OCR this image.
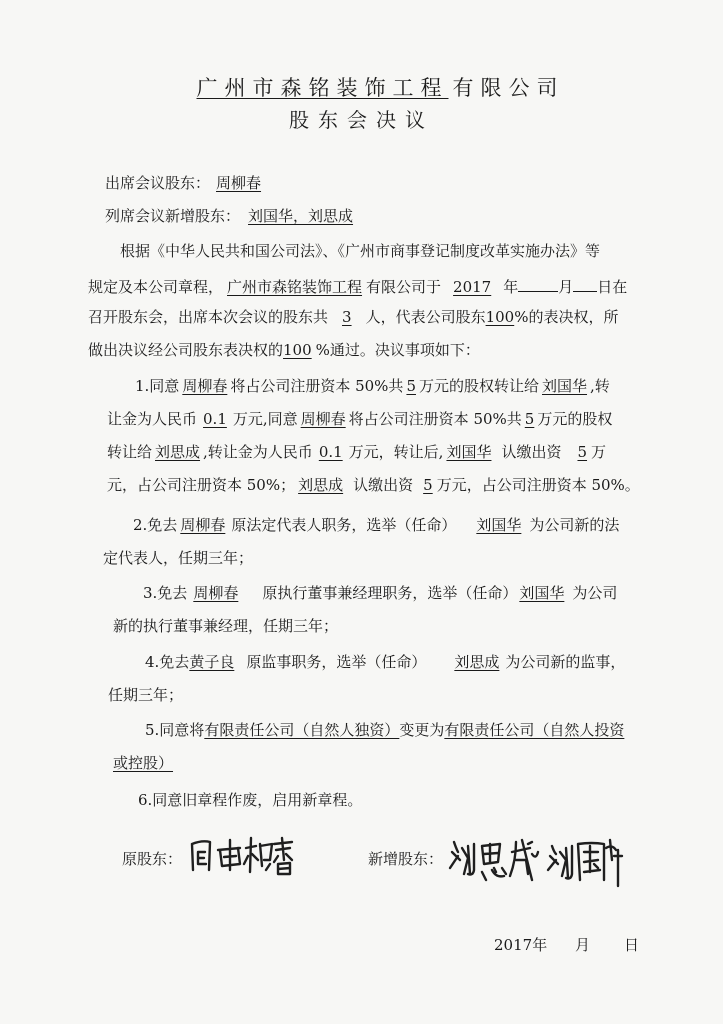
广州市森铭装饰工程 有限公司
股东会决议
出席会议股东： 周柳春
列席会议新增股东： 刘国华，刘思成
根据《中华人民共和国公司法》、《广州市商事登记制度改革实施办法》等
规定及本公司章程， 广州市森铭装饰工程 有限公司于 2017 年	月 日在
召开股东会，出席本次会议的股东共 3 人，代表公司股东100%的表决权，所
做出决议经公司股东表决权的100 %通过。决议事项如下：
1.同意 周柳春 将占公司注册资本 50%共 5 万元的股权转让给 刘国华 ,转
让金为人民币 0.1 万元,同意 周柳春 将占公司注册资本 50%共 5 万元的股权
转让给 刘思成 ,转让金为人民币 0.1 万元，转让后, 刘国华 认缴出资 5 万
元，占公司注册资本 50%； 刘思成 认缴出资 5 万元，占公司注册资本 50%。
2.免去 周柳春 原法定代表人职务，选举（任命） 刘国华 为公司新的法
定代表人，任期三年；
3.免去 周柳春 原执行董事兼经理职务，选举（任命） 刘国华 为公司
新的执行董事兼经理，任期三年；
4.免去黄子良 原监事职务，选举（任命） 刘思成 为公司新的监事，
任期三年；
5.同意将有限责任公司（自然人独资）变更为有限责任公司（自然人投资
或控股）
6.同意旧章程作废，启用新章程。
原股东：	新增股东：
2017年 月 日
